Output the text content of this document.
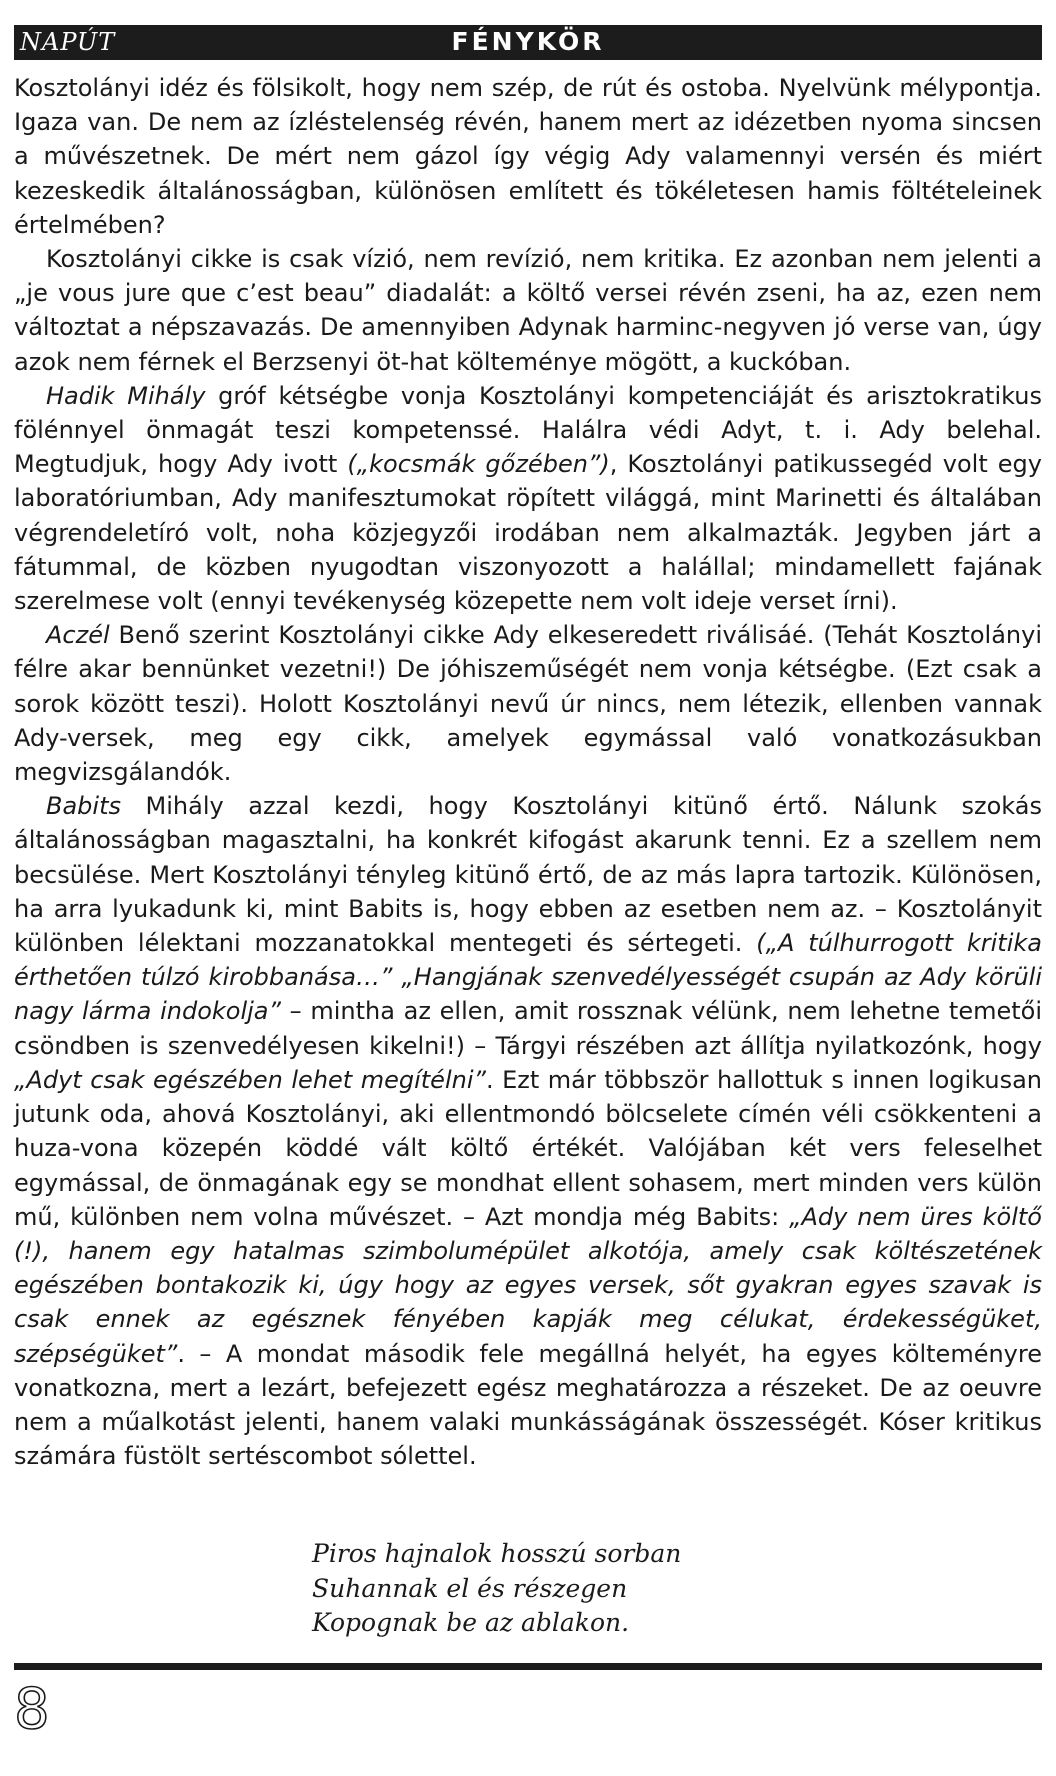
NAPÚT	FÉNYKÖR

Kosztolányi idéz és fölsikolt, hogy nem szép, de rút és ostoba. Nyelvünk mélypontja. Igaza van. De nem az ízléstelenség révén, hanem mert az idézetben nyoma sincsen a művészetnek. De mért nem gázol így végig Ady valamennyi versén és miért kezeskedik általánosságban, különösen említett és tökéletesen hamis föltételeinek értelmében?

Kosztolányi cikke is csak vízió, nem revízió, nem kritika. Ez azonban nem jelenti a „je vous jure que c’est beau” diadalát: a költő versei révén zseni, ha az, ezen nem változtat a népszavazás. De amennyiben Adynak harminc-negyven jó verse van, úgy azok nem férnek el Berzsenyi öt-hat költeménye mögött, a kuckóban.

Hadik Mihály gróf kétségbe vonja Kosztolányi kompetenciáját és arisztokratikus fölénnyel önmagát teszi kompetenssé. Halálra védi Adyt, t. i. Ady belehal. Megtudjuk, hogy Ady ivott („kocsmák gőzében”), Kosztolányi patikussegéd volt egy laboratóriumban, Ady manifesztumokat röpített világgá, mint Marinetti és általában végrendeletíró volt, noha közjegyzői irodában nem alkalmazták. Jegyben járt a fátummal, de közben nyugodtan viszonyozott a halállal; mindamellett fajának szerelmese volt (ennyi tevékenység közepette nem volt ideje verset írni).

Aczél Benő szerint Kosztolányi cikke Ady elkeseredett riválisáé. (Tehát Kosztolányi félre akar bennünket vezetni!) De jóhiszeműségét nem vonja kétségbe. (Ezt csak a sorok között teszi). Holott Kosztolányi nevű úr nincs, nem létezik, ellenben vannak Ady-versek, meg egy cikk, amelyek egymással való vonatkozásukban megvizsgálandók.

Babits Mihály azzal kezdi, hogy Kosztolányi kitünő értő. Nálunk szokás általánosságban magasztalni, ha konkrét kifogást akarunk tenni. Ez a szellem nem becsülése. Mert Kosztolányi tényleg kitünő értő, de az más lapra tartozik. Különösen, ha arra lyukadunk ki, mint Babits is, hogy ebben az esetben nem az. – Kosztolányit különben lélektani mozzanatokkal mentegeti és sértegeti. („A túlhurrogott kritika érthetően túlzó kirobbanása…” „Hangjának szenvedélyességét csupán az Ady körüli nagy lárma indokolja” – mintha az ellen, amit rossznak vélünk, nem lehetne temetői csöndben is szenvedélyesen kikelni!) – Tárgyi részében azt állítja nyilatkozónk, hogy „Adyt csak egészében lehet megítélni”. Ezt már többször hallottuk s innen logikusan jutunk oda, ahová Kosztolányi, aki ellentmondó bölcselete címén véli csökkenteni a huza-vona közepén köddé vált költő értékét. Valójában két vers feleselhet egymással, de önmagának egy se mondhat ellent sohasem, mert minden vers külön mű, különben nem volna művészet. – Azt mondja még Babits: „Ady nem üres költő (!), hanem egy hatalmas szimbolumépület alkotója, amely csak költészetének egészében bontakozik ki, úgy hogy az egyes versek, sőt gyakran egyes szavak is csak ennek az egésznek fényében kapják meg célukat, érdekességüket, szépségüket”. – A mondat második fele megállná helyét, ha egyes költeményre vonatkozna, mert a lezárt, befejezett egész meghatározza a részeket. De az oeuvre nem a műalkotást jelenti, hanem valaki munkásságának összességét. Kóser kritikus számára füstölt sertéscombot sólettel.

Piros hajnalok hosszú sorban
Suhannak el és részegen
Kopognak be az ablakon.
8
